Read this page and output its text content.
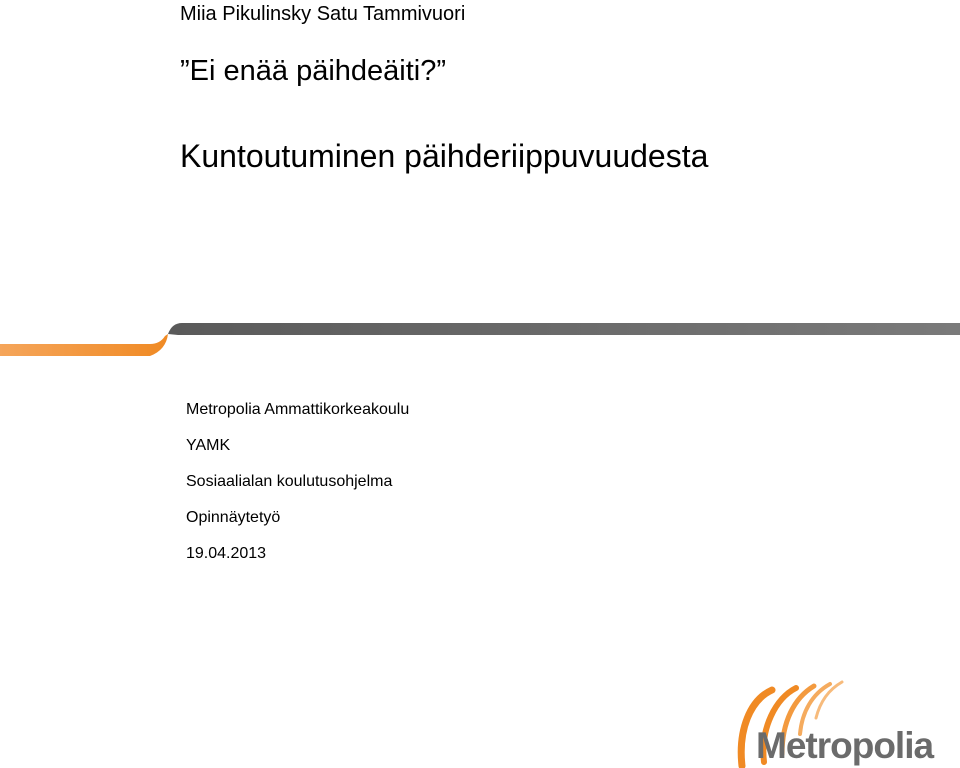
Miia Pikulinsky Satu Tammivuori
”Ei enää päihdeäiti?”
Kuntoutuminen päihderiippuvuudesta
Metropolia Ammattikorkeakoulu
YAMK
Sosiaalialan koulutusohjelma
Opinnäytetyö
19.04.2013
Metropolia
